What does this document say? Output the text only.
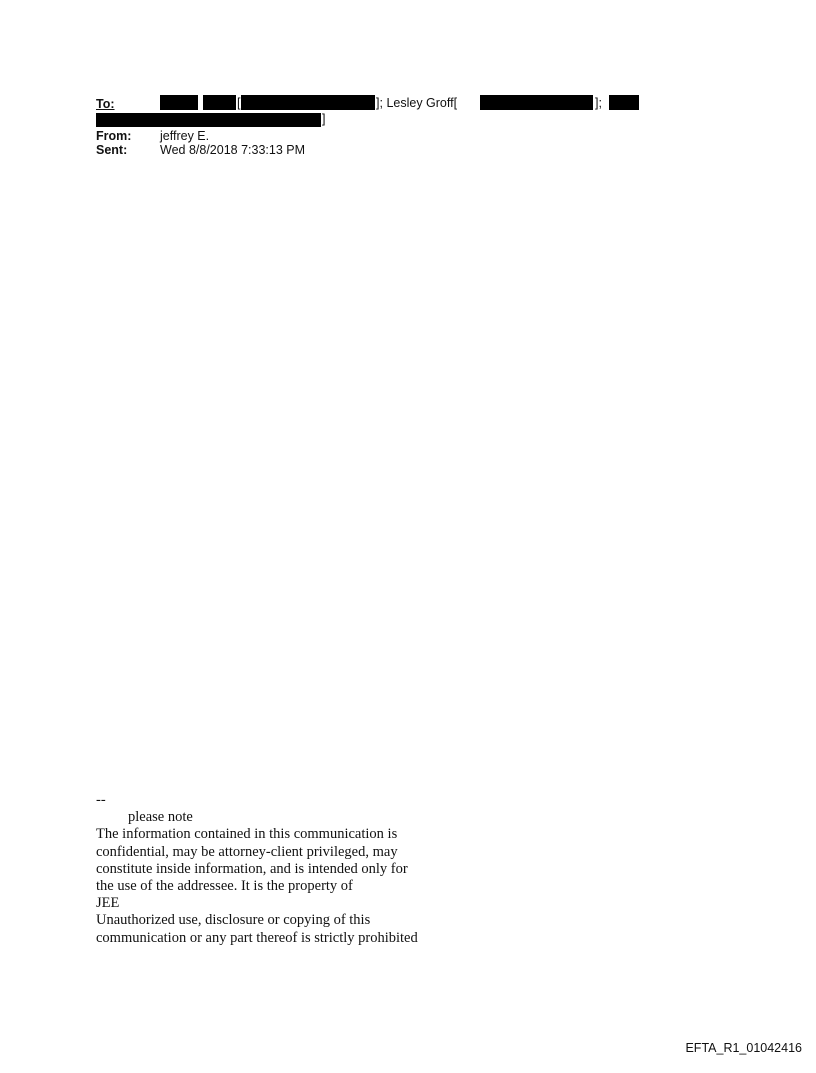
To:	[	]; Lesley Groff[	];
]
From: jeffrey E.
Sent:	Wed 8/8/2018 7:33:13 PM
--
please note
The information contained in this communication is
confidential, may be attorney-client privileged, may
constitute inside information, and is intended only for
the use of the addressee. It is the property of
JEE
Unauthorized use, disclosure or copying of this
communication or any part thereof is strictly prohibited
EFTA_R1_01042416
